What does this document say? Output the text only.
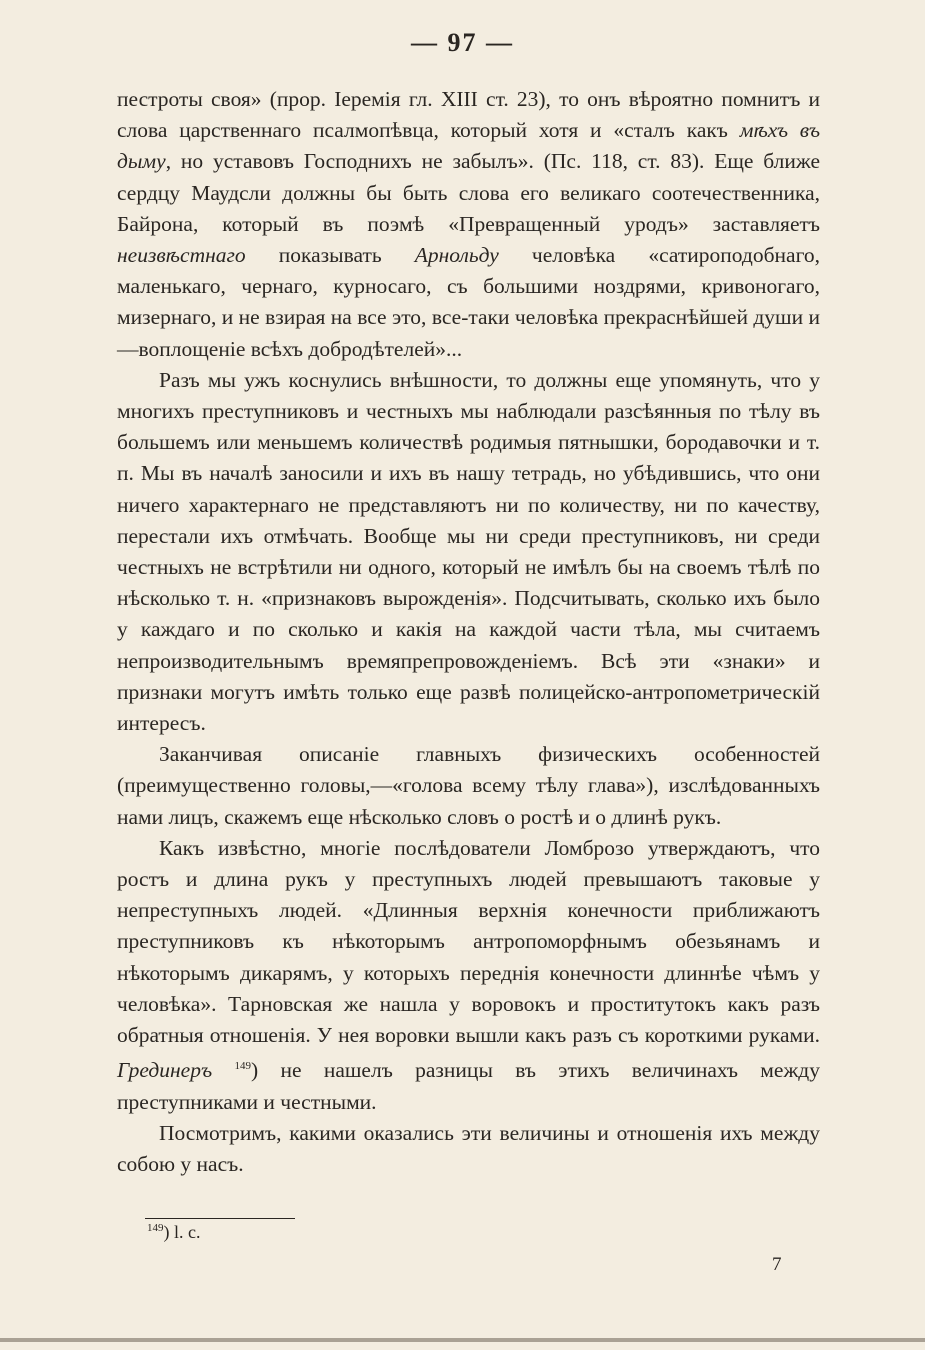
— 97 —

пестроты своя» (прор. Іеремія гл. XIII ст. 23), то онъ вѣроятно помнитъ и слова царственнаго псалмопѣвца, который хотя и «сталъ какъ мѣхъ въ дыму, но уставовъ Господнихъ не забылъ». (Пс. 118, ст. 83). Еще ближе сердцу Маудсли должны бы быть слова его великаго соотечественника, Байрона, который въ поэмѣ «Превращенный уродъ» заставляетъ неизвѣстнаго показывать Арнольду человѣка «сатироподобнаго, маленькаго, чернаго, курносаго, съ большими ноздрями, кривоногаго, мизернаго, и не взирая на все это, все-таки человѣка прекраснѣйшей души и—воплощеніе всѣхъ добродѣтелей»...

Разъ мы ужъ коснулись внѣшности, то должны еще упомянуть, что у многихъ преступниковъ и честныхъ мы наблюдали разсѣянныя по тѣлу въ большемъ или меньшемъ количествѣ родимыя пятнышки, бородавочки и т. п. Мы въ началѣ заносили и ихъ въ нашу тетрадь, но убѣдившись, что они ничего характернаго не представляютъ ни по количеству, ни по качеству, перестали ихъ отмѣчать. Вообще мы ни среди преступниковъ, ни среди честныхъ не встрѣтили ни одного, который не имѣлъ бы на своемъ тѣлѣ по нѣсколько т. н. «признаковъ вырожденія». Подсчитывать, сколько ихъ было у каждаго и по сколько и какія на каждой части тѣла, мы считаемъ непроизводительнымъ времяпрепровожденіемъ. Всѣ эти «знаки» и признаки могутъ имѣть только еще развѣ полицейско-антропометрическій интересъ.

Заканчивая описаніе главныхъ физическихъ особенностей (преимущественно головы,—«голова всему тѣлу глава»), изслѣдованныхъ нами лицъ, скажемъ еще нѣсколько словъ о ростѣ и о длинѣ рукъ.

Какъ извѣстно, многіе послѣдователи Ломброзо утверждаютъ, что ростъ и длина рукъ у преступныхъ людей превышаютъ таковые у непреступныхъ людей. «Длинныя верхнія конечности приближаютъ преступниковъ къ нѣкоторымъ антропоморфнымъ обезьянамъ и нѣкоторымъ дикарямъ, у которыхъ переднія конечности длиннѣе чѣмъ у человѣка». Тарновская же нашла у воровокъ и проститутокъ какъ разъ обратныя отношенія. У нея воровки вышли какъ разъ съ короткими руками. Грединеръ $^{149}$) не нашелъ разницы въ этихъ величинахъ между преступниками и честными.

Посмотримъ, какими оказались эти величины и отношенія ихъ между собою у насъ.

$^{149}$) l. c.
7
